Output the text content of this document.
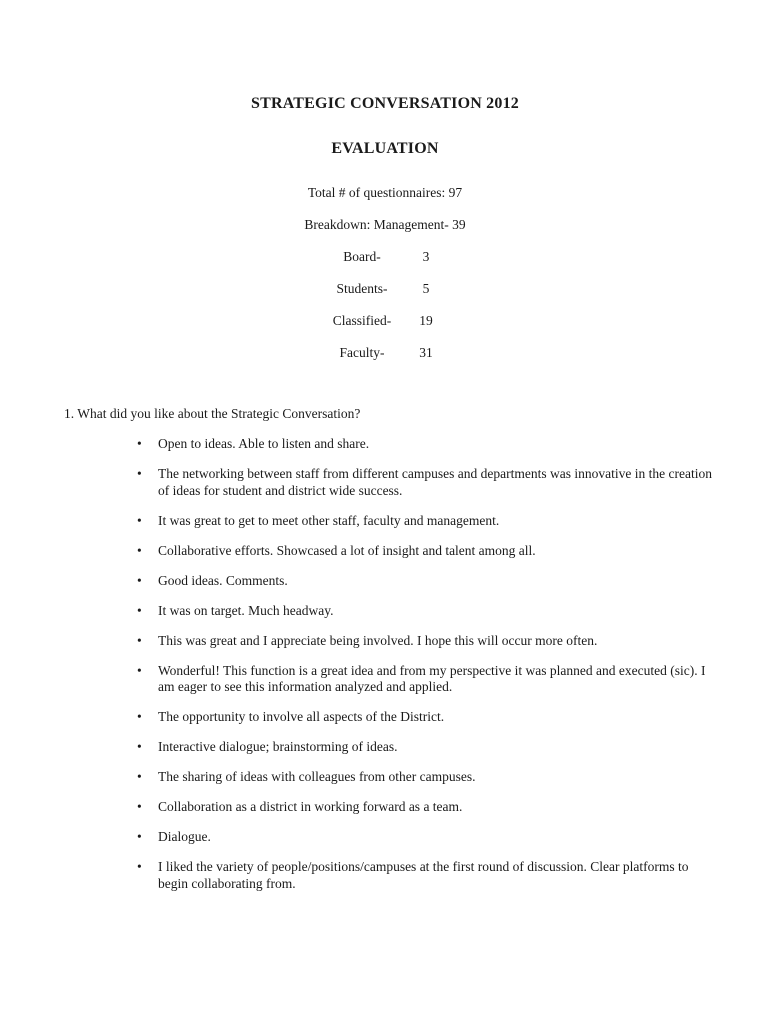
STRATEGIC CONVERSATION 2012
EVALUATION
Total # of questionnaires: 97
Breakdown: Management- 39
Board-	3
Students-	5
Classified-	19
Faculty-	31
1. What did you like about the Strategic Conversation?
•	Open to ideas. Able to listen and share.
•	The networking between staff from different campuses and departments was innovative in the creation of ideas for student and district wide success.
•	It was great to get to meet other staff, faculty and management.
•	Collaborative efforts. Showcased a lot of insight and talent among all.
•	Good ideas. Comments.
•	It was on target. Much headway.
•	This was great and I appreciate being involved. I hope this will occur more often.
•	Wonderful! This function is a great idea and from my perspective it was planned and executed (sic). I am eager to see this information analyzed and applied.
•	The opportunity to involve all aspects of the District.
•	Interactive dialogue; brainstorming of ideas.
•	The sharing of ideas with colleagues from other campuses.
•	Collaboration as a district in working forward as a team.
•	Dialogue.
•	I liked the variety of people/positions/campuses at the first round of discussion. Clear platforms to begin collaborating from.
